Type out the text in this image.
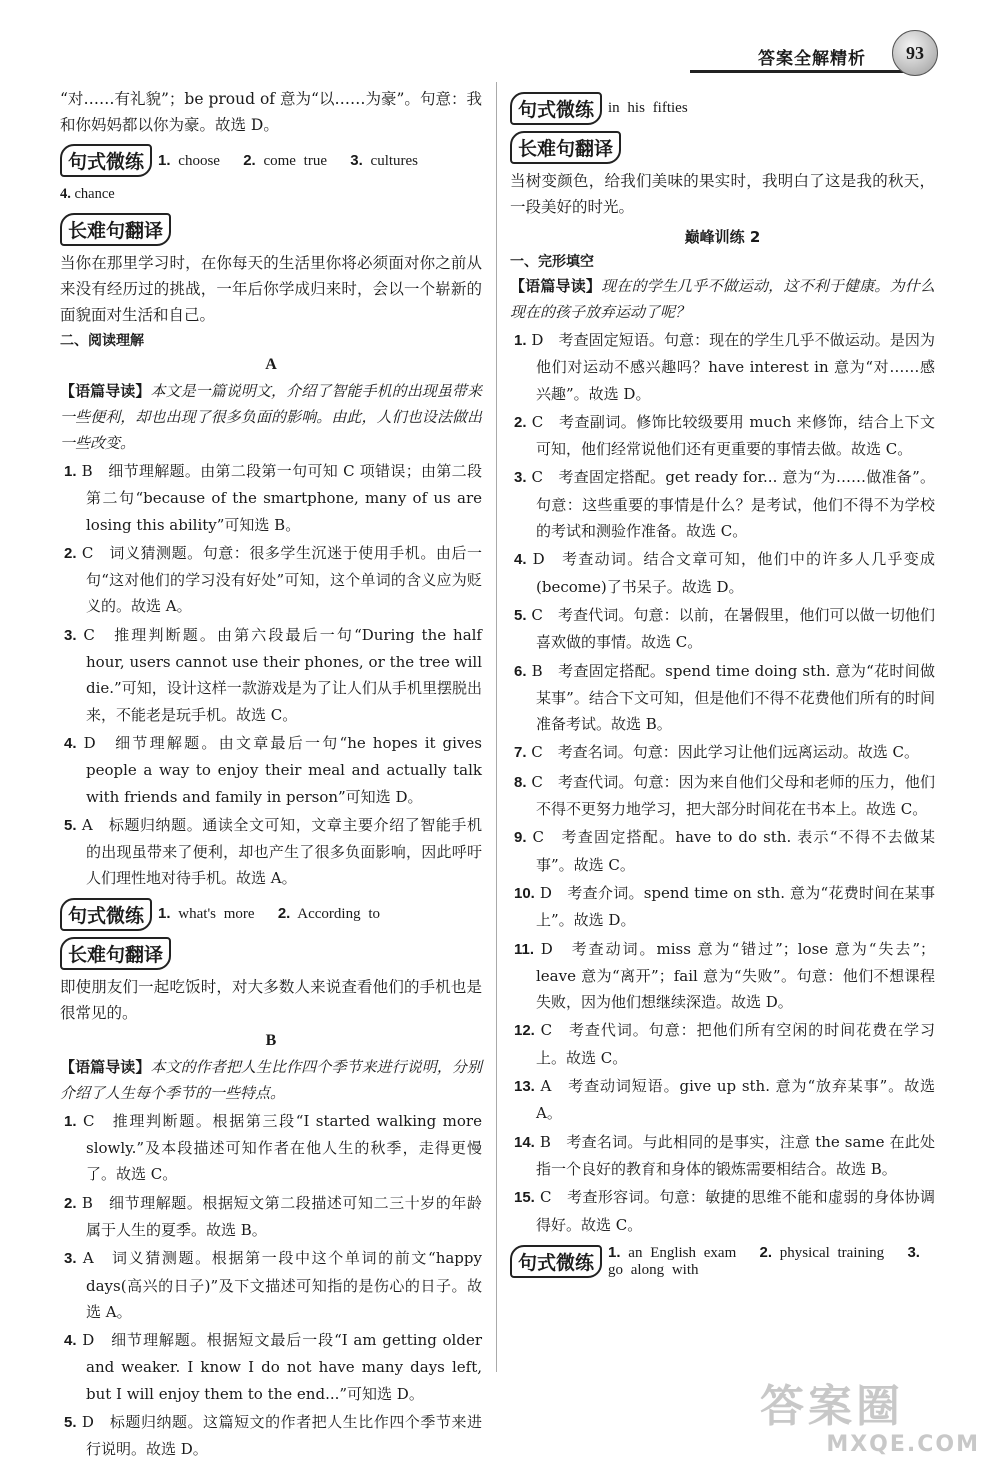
答案全解精析	93

“对……有礼貌”；be proud of 意为“以……为豪”。句意：我和你妈妈都以你为豪。故选 D。

句式微练 1. choose 2. come true 3. cultures

4. chance

长难句翻译

当你在那里学习时，在你每天的生活里你将必须面对你之前从来没有经历过的挑战，一年后你学成归来时，会以一个崭新的面貌面对生活和自己。

二、阅读理解

A

【语篇导读】本文是一篇说明文，介绍了智能手机的出现虽带来一些便利，却也出现了很多负面的影响。由此，人们也设法做出一些改变。

1. B　细节理解题。由第二段第一句可知 C 项错误；由第二段第二句“because of the smartphone, many of us are losing this ability”可知选 B。

2. C　词义猜测题。句意：很多学生沉迷于使用手机。由后一句“这对他们的学习没有好处”可知，这个单词的含义应为贬义的。故选 A。

3. C　推理判断题。由第六段最后一句“During the half hour, users cannot use their phones, or the tree will die.”可知，设计这样一款游戏是为了让人们从手机里摆脱出来，不能老是玩手机。故选 C。

4. D　细节理解题。由文章最后一句“he hopes it gives people a way to enjoy their meal and actually talk with friends and family in person”可知选 D。

5. A　标题归纳题。通读全文可知，文章主要介绍了智能手机的出现虽带来了便利，却也产生了很多负面影响，因此呼吁人们理性地对待手机。故选 A。

句式微练 1. what's more 2. According to
长难句翻译

即使朋友们一起吃饭时，对大多数人来说查看他们的手机也是很常见的。

B

【语篇导读】本文的作者把人生比作四个季节来进行说明，分别介绍了人生每个季节的一些特点。

1. C　推理判断题。根据第三段“I started walking more slowly.”及本段描述可知作者在他人生的秋季，走得更慢了。故选 C。

2. B　细节理解题。根据短文第二段描述可知二三十岁的年龄属于人生的夏季。故选 B。

3. A　词义猜测题。根据第一段中这个单词的前文“happy days(高兴的日子)”及下文描述可知指的是伤心的日子。故选 A。

4. D　细节理解题。根据短文最后一段“I am getting older and weaker. I know I do not have many days left, but I will enjoy them to the end...”可知选 D。

5. D　标题归纳题。这篇短文的作者把人生比作四个季节来进行说明。故选 D。

句式微练 in his fifties
长难句翻译

当树变颜色，给我们美味的果实时，我明白了这是我的秋天，一段美好的时光。

巅峰训练 2

一、完形填空

【语篇导读】现在的学生几乎不做运动，这不利于健康。为什么现在的孩子放弃运动了呢？

1. D　考查固定短语。句意：现在的学生几乎不做运动。是因为他们对运动不感兴趣吗？have interest in 意为“对……感兴趣”。故选 D。

2. C　考查副词。修饰比较级要用 much 来修饰，结合上下文可知，他们经常说他们还有更重要的事情去做。故选 C。

3. C　考查固定搭配。get ready for... 意为“为……做准备”。句意：这些重要的事情是什么？是考试，他们不得不为学校的考试和测验作准备。故选 C。

4. D　考查动词。结合文章可知，他们中的许多人几乎变成(become)了书呆子。故选 D。

5. C　考查代词。句意：以前，在暑假里，他们可以做一切他们喜欢做的事情。故选 C。

6. B　考查固定搭配。spend time doing sth. 意为“花时间做某事”。结合下文可知，但是他们不得不花费他们所有的时间准备考试。故选 B。

7. C　考查名词。句意：因此学习让他们远离运动。故选 C。

8. C　考查代词。句意：因为来自他们父母和老师的压力，他们不得不更努力地学习，把大部分时间花在书本上。故选 C。

9. C　考查固定搭配。have to do sth. 表示“不得不去做某事”。故选 C。

10. D　考查介词。spend time on sth. 意为“花费时间在某事上”。故选 D。

11. D　考查动词。miss 意为“错过”；lose 意为“失去”；leave 意为“离开”；fail 意为“失败”。句意：他们不想课程失败，因为他们想继续深造。故选 D。

12. C　考查代词。句意：把他们所有空闲的时间花费在学习上。故选 C。

13. A　考查动词短语。give up sth. 意为“放弃某事”。故选 A。

14. B　考查名词。与此相同的是事实，注意 the same 在此处指一个良好的教育和身体的锻炼需要相结合。故选 B。

15. C　考查形容词。句意：敏捷的思维不能和虚弱的身体协调得好。故选 C。

句式微练 1. an English exam 2. physical training 3. go along with
答案圈
MXQE.COM
